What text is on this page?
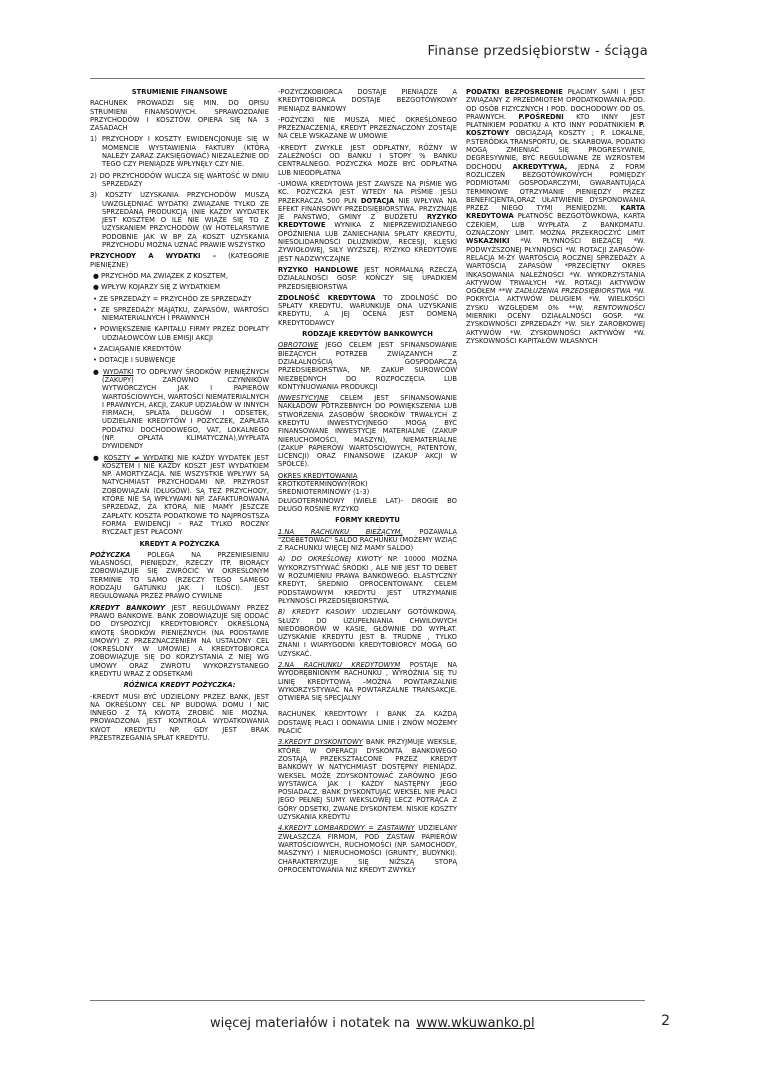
Finanse przedsiębiorstw - ściąga

STRUMIENIE FINANSOWE

RACHUNEK PROWADZI SIĘ MIN. DO OPISU STRUMIENI FINANSOWYCH. SPRAWOZDANIE PRZYCHODÓW I KOSZTÓW OPIERA SIĘ NA 3 ZASADACH

1) PRZYCHODY I KOSZTY EWIDENCJONUJE SIĘ W MOMENCIE WYSTAWIENIA FAKTURY (KTÓRĄ NALEŻY ZARAZ ZAKSIĘGOWAĆ) NIEZALEŻNIE OD TEGO CZY PIENIĄDZE WPŁYNĘŁY CZY NIE.

2) DO PRZYCHODÓW WLICZA SIĘ WARTOŚĆ W DNIU SPRZEDAŻY

3) KOSZTY UZYSKANIA PRZYCHODÓW MUSZĄ UWZGLĘDNIAĆ WYDATKI ZWIĄZANE TYLKO ZE SPRZEDANĄ PRODUKCJĄ (NIE KAŻDY WYDATEK JEST KOSZTEM O ILE NIE WIĄŻE SIĘ TO Z UZYSKANIEM PRZYCHODÓW (W HOTELARSTWIE PODOBNIE JAK W BP ZA KOSZT UZYSKANIA PRZYCHODU MOŻNA UZNAĆ PRAWIE WSZYSTKO

PRZYCHODY A WYDATKI – (KATEGORIE PIENIĘŻNE)

● PRZYCHÓD MA ZWIĄZEK Z KOSZTEM,

● WPŁYW KOJARZY SIĘ Z WYDATKIEM

• ZE SPRZEDAŻY = PRZYCHÓD ZE SPRZEDAŻY

• ZE SPRZEDAŻY MAJĄTKU, ZAPASÓW, WARTOŚCI NIEMATERIALNYCH I PRAWNYCH

• POWIĘKSZENIE KAPITAŁU FIRMY PRZEZ DOPŁATY UDZIAŁOWCÓW LUB EMISJI AKCJI

• ZACIĄGANIE KREDYTÓW

• DOTACJE I SUBWENCJE

● WYDATKI TO ODPŁYWY ŚRODKÓW PIENIĘŻNYCH (ZAKUPY) ZARÓWNO CZYNNIKÓW WYTWÓRCZYCH JAK I PAPIERÓW WARTOŚCIOWYCH, WARTOŚCI NIEMATERIALNYCH I PRAWNYCH, AKCJI, ZAKUP UDZIAŁÓW W INNYCH FIRMACH, SPŁATA DŁUGÓW I ODSETEK, UDZIELANIE KREDYTÓW I POŻYCZEK, ZAPŁATA PODATKU DOCHODOWEGO, VAT, LOKALNEGO (NP. OPŁATA KLIMATYCZNA),WYPŁATA DYWIDENDY

● KOSZTY ≠ WYDATKI NIE KAŻDY WYDATEK JEST KOSZTEM I NIE KAŻDY KOSZT JEST WYDATKIEM NP. AMORTYZACJA. NIE WSZYSTKIE WPŁYWY SĄ NATYCHMIAST PRZYCHODAMI NP. PRZYROST ZOBOWIĄZAŃ (DŁUGÓW). SĄ TEŻ PRZYCHODY, KTÓRE NIE SĄ WPŁYWAMI NP. ZAFAKTUROWANA SPRZEDAŻ, ZA KTÓRĄ NIE MAMY JESZCZE ZAPŁATY. KOSZTA PODATKOWE TO NAJPROSTSZA FORMA EWIDENCJI - RAZ TYLKO ROCZNY RYCZAŁT JEST PŁACONY

KREDYT A POŻYCZKA

POŻYCZKA POLEGA NA PRZENIESIENIU WŁASNOŚCI, PIENIĘDZY, RZECZY ITP. BIORĄCY ZOBOWIĄZUJE SIĘ ZWRÓCIĆ W OKREŚLONYM TERMINIE TO SAMO (RZECZY TEGO SAMEGO RODZAJU GATUNKU JAK I ILOŚCI). JEST REGULOWANA PRZEZ PRAWO CYWILNE

KREDYT BANKOWY JEST REGULOWANY PRZEZ PRAWO BANKOWE. BANK ZOBOWIĄZUJE SIĘ ODDAĆ DO DYSPOZYCJI KREDYTOBIORCY OKREŚLONĄ KWOTĘ ŚRODKÓW PIENIĘŻNYCH (NA PODSTAWIE UMOWY) Z PRZEZNACZENIEM NA USTALONY CEL (OKREŚLONY W UMOWIE) A KREDYTOBIORCA ZOBOWIĄZUJE SIĘ DO KORZYSTANIA Z NIEJ WG UMOWY ORAZ ZWROTU WYKORZYSTANEGO KREDYTU WRAZ Z ODSETKAMI

RÓŻNICA KREDYT POŻYCZKA:

-KREDYT MUSI BYĆ UDZIELONY PRZEZ BANK, JEST NA OKREŚLONY CEL NP BUDOWA DOMU I NIC INNEGO Z TĄ KWOTĄ ZROBIĆ NIE MOŻNA. PROWADZONA JEST KONTROLA WYDATKOWANIA KWOT KREDYTU NP. GDY JEST BRAK PRZESTRZEGANIA SPŁAT KREDYTU.

-POŻYCZKOBIORCA DOSTAJE PIENIĄDZE A KREDYTOBIORCA DOSTAJE BEZGOTÓWKOWY PIENIĄDZ BANKOWY

-POŻYCZKI NIE MUSZĄ MIEĆ OKREŚLONEGO PRZEZNACZENIA, KREDYT PRZEZNACZONY ZOSTAJE NA CELE WSKAZANE W UMOWIE

-KREDYT ZWYKLE JEST ODPŁATNY, RÓŻNY W ZALEŻNOŚCI OD BANKU I STOPY % BANKU CENTRALNEGO. POŻYCZKA MOŻE BYĆ ODPŁATNA LUB NIEODPŁATNA

-UMOWA KREDYTOWA JEST ZAWSZE NA PIŚMIE WG KC. POŻYCZKA JEST WTEDY NA PIŚMIE JEŚLI PRZEKRACZA 500 PLN DOTACJA NIE WPŁYWA NA EFEKT FINANSOWY PRZEDSIĘBIORSTWA. PRZYZNAJE JE PAŃSTWO, GMINY Z BUDŻETU RYZYKO KREDYTOWE WYNIKA Z NIEPRZEWIDZIANEGO OPÓŹNIENIA LUB ZANIECHANIA SPŁATY KREDYTU, NIESOLIDARNOŚCI DŁUŻNIKÓW, RECESJI, KLĘSKI ŻYWIOŁOWEJ, SIŁY WYŻSZEJ. RYZYKO KREDYTOWE JEST NADZWYCZAJNE

RYZYKO HANDLOWE JEST NORMALNĄ RZECZĄ DZIAŁALNOŚCI GOSP. KOŃCZY SIĘ UPADKIEM PRZEDSIĘBIORSTWA

ZDOLNOŚĆ KREDYTOWA TO ZDOLNOŚĆ DO SPŁATY KREDYTU. WARUNKUJE ONA UZYSKANIE KREDYTU, A JEJ OCENA JEST DOMENĄ KREDYTODAWCY

RODZAJE KREDYTÓW BANKOWYCH

OBROTOWE JEGO CELEM JEST SFINANSOWANIE BIEŻĄCYCH POTRZEB ZWIĄZANYCH Z DZIAŁALNOŚCIĄ GOSPODARCZĄ PRZEDSIĘBIORSTWA, NP. ZAKUP SUROWCÓW NIEZBĘDNYCH DO ROZPOCZĘCIA LUB KONTYNUOWANIA PRODUKCJI

INWESTYCYJNE CELEM JEST SFINANSOWANIE NAKŁADÓW POTRZEBNYCH DO POWIĘKSZENIA LUB STWORZENIA ZASOBÓW ŚRODKÓW TRWAŁYCH Z KREDYTU INWESTYCYJNEGO MOGĄ BYĆ FINANSOWANE INWESTYCJE MATERIALNE (ZAKUP NIERUCHOMOŚCI, MASZYN), NIEMATERIALNE (ZAKUP PAPIERÓW WARTOŚCIOWYCH, PATENTÓW, LICENCJI) ORAZ FINANSOWE (ZAKUP AKCJI W SPÓŁCE).

OKRES KREDYTOWANIA

KRÓTKOTERMINOWY(ROK)

ŚREDNIOTERMINOWY (1-3)

DŁUGOTERMINOWY (WIELE LAT)- DROGIE BO DŁUGO ROŚNIE RYZYKO

FORMY KREDYTU

1.NA RACHUNKU BIEŻĄCYM, POZAWALA "ZDEBETOWAĆ" SALDO RACHUNKU (MOŻEMY WZIĄĆ Z RACHUNKU WIĘCEJ NIŻ MAMY SALDO)

A) DO OKREŚLONEJ KWOTY NP. 10000 MOŻNA WYKORZYSTYWAĆ ŚRODKI , ALE NIE JEST TO DEBET W ROZUMIENIU PRAWA BANKOWEGO. ELASTYCZNY KREDYT, ŚREDNIO OPROCENTOWANY. CELEM PODSTAWOWYM KREDYTU JEST UTRZYMANIE PŁYNNOŚCI PRZEDSIĘBIORSTWA.

B) KREDYT KASOWY UDZIELANY GOTÓWKOWĄ. SŁUŻY DO UZUPEŁNIANIA CHWILOWYCH NIEDOBORÓW W KASIE, GŁÓWNIE DO WYPŁAT. UZYSKANIE KREDYTU JEST B. TRUDNE , TYLKO ZNANI I WIARYGODNI KREDYTOBIORCY MOGĄ GO UZYSKAĆ.

2.NA RACHUNKU KREDYTOWYM POSTAJE NA WYODRĘBNIONYM RACHUNKU , WYRÓŻNIA SIĘ TU LINIĘ KREDYTOWĄ –MOŻNA POWTARZALNIE WYKORZYSTYWAĆ NA POWTARZALNE TRANSAKCJE. OTWIERA SIĘ SPECJALNY

RACHUNEK KREDYTOWY I BANK ZA KAŻDĄ DOSTAWĘ PŁACI I ODNAWIA LINIE I ZNÓW MOŻEMY PŁACIĆ

3.KREDYT DYSKONTOWY BANK PRZYJMUJE WEKSLE, KTÓRE W OPERACJI DYSKONTA BANKOWEGO ZOSTAJĄ PRZEKSZTAŁCONE PRZEZ KREDYT BANKOWY W NATYCHMIAST DOSTĘPNY PIENIĄDZ. WEKSEL MOŻE ZDYSKONTOWAĆ ZARÓWNO JEGO WYSTAWCA JAK I KAŻDY NASTĘPNY JEGO POSIADACZ. BANK DYSKONTUJĄC WEKSEL NIE PŁACI JEGO PEŁNEJ SUMY WEKSLOWEJ LECZ POTRĄCA Z GÓRY ODSETKI, ZWANE DYSKONTEM. NISKIE KOSZTY UZYSKANIA KREDYTU

4.KREDYT LOMBARDOWY = ZASTAWNY UDZIELANY ZWŁASZCZA FIRMOM, POD ZASTAW PAPIERÓW WARTOŚCIOWYCH, RUCHOMOŚCI (NP. SAMOCHODY, MASZYNY) I NIERUCHOMOŚCI (GRUNTY, BUDYNKI). CHARAKTERYZUJE SIĘ NIŻSZĄ STOPĄ OPROCENTOWANIA NIŻ KREDYT ZWYKŁY

PODATKI BEZPOŚREDNIE PŁACIMY SAMI I JEST ZWIĄZANY Z PRZEDMIOTEM OPODATKOWANIA:POD. OD OSÓB FIZYCZNYCH I POD. DOCHODOWY OD OS. PRAWNYCH. P.POŚREDNI KTO INNY JEST PŁATNIKIEM PODATKU A KTO INNY PODATNIKIEM P. KOSZTOWY OBCIĄŻAJĄ KOSZTY ; P. LOKALNE, P.STERÓDKA TRANSPORTU, OŁ. SKARBOWA. PODATKI MOGĄ ZMIENIAĆ SIĘ PROGRESYWNIE, DEGRESYWNIE, BYĆ REGULOWANE ZE WZROSTEM DOCHODU AKREDYTYWA, JEDNA Z FORM ROZLICZEŃ BEZGOTÓWKOWYCH POMIĘDZY PODMIOTAMI GOSPODARCZYMI, GWARANTUJĄCA TERMINOWE OTRZYMANIE PIENIĘDZY PRZEZ BENEFICJENTA,ORAZ UŁATWIENIE DYSPONOWANIA PRZEZ NIEGO TYMI PIENIĘDZMI. KARTA KREDYTOWA PŁATNOŚĆ BEZGOTÓWKOWA, KARTA CZEKIEM, LUB WYPŁATA Z BANKOMATU. OZNACZONY LIMIT. MOŻNA PRZEKROCZYĆ LIMIT WSKAZNIKI *W. PŁYNNOŚCI BIEŻĄCEJ *W. PODWYŻSZONEJ PŁYNNOŚCI *W. ROTACJI ZAPASÓW-RELACJA M-ŻY WARTOŚCIĄ ROCZNEJ SPRZEDAŻY A WARTOŚCIĄ ZAPASÓW *PRZECIĘTNY OKRES INKASOWANIA NALEŻNOŚCI *W. WYKORZYSTANIA AKTYWÓW TRWAŁYCH *W. ROTACJI AKTYWÓW OGÓŁEM **W ZADŁUŻENIA PRZEDSIĘBIORSTWA *W. POKRYCIA AKTYWÓW DŁUGIEM *W. WIELKOŚCI ZYSKU WZGLĘDEM 0% **W. RENTOWNOŚCI MIERNIKI OCENY DZIAŁALNOŚCI GOSP. *W. ZYSKOWNOŚCI ZPRZEDAŻY *W. SIŁY ZAROBKOWEJ AKTYWÓW *W. ZYSKOWNOŚCI AKTYWÓW *W. ZYSKOWNOŚCI KAPITAŁÓW WŁASNYCH

więcej materiałów i notatek na www.wkuwanko.pl	2
